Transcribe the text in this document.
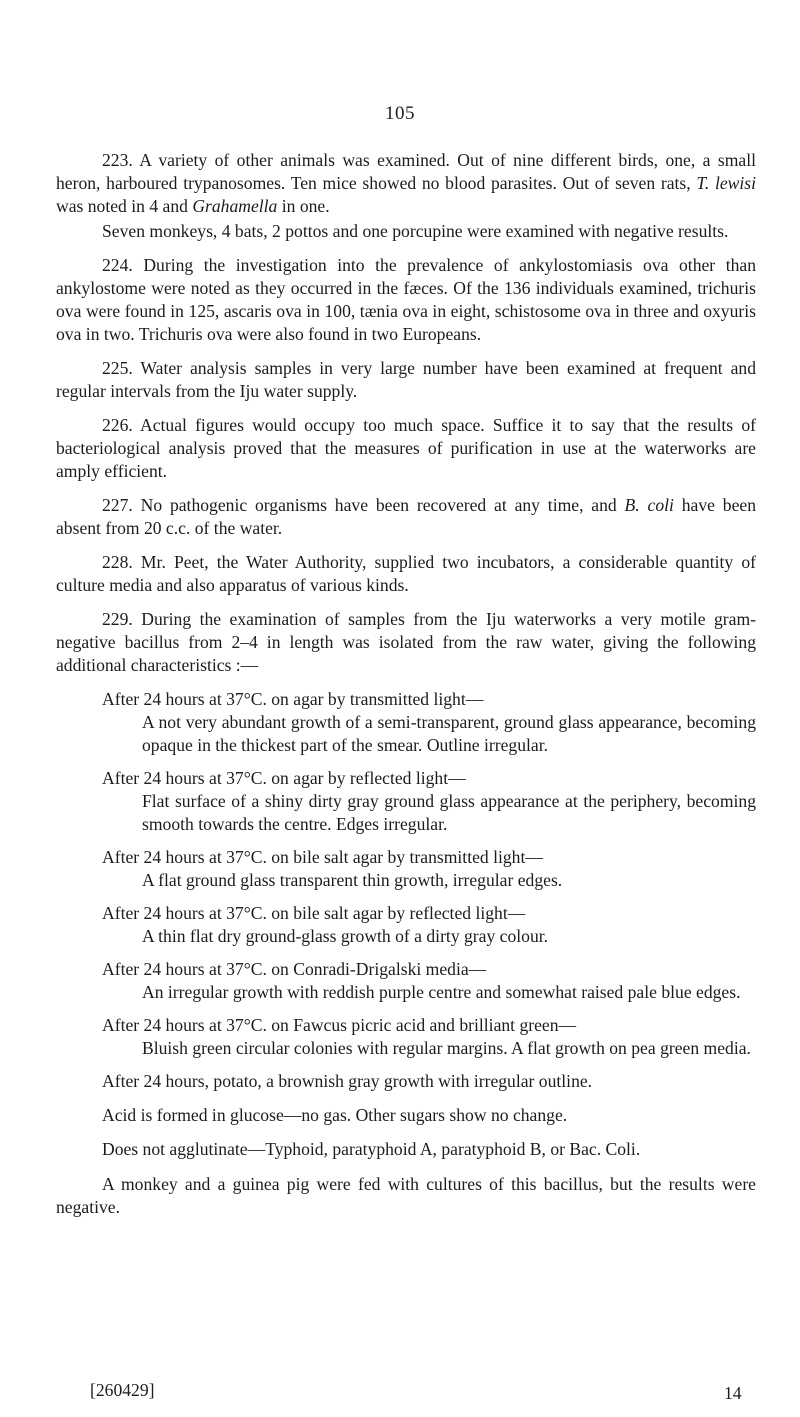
105

223. A variety of other animals was examined. Out of nine different birds, one, a small heron, harboured trypanosomes. Ten mice showed no blood parasites. Out of seven rats, T. lewisi was noted in 4 and Grahamella in one.

Seven monkeys, 4 bats, 2 pottos and one porcupine were examined with negative results.

224. During the investigation into the prevalence of ankylostomiasis ova other than ankylostome were noted as they occurred in the fæces. Of the 136 individuals examined, trichuris ova were found in 125, ascaris ova in 100, tænia ova in eight, schistosome ova in three and oxyuris ova in two. Trichuris ova were also found in two Europeans.

225. Water analysis samples in very large number have been examined at frequent and regular intervals from the Iju water supply.

226. Actual figures would occupy too much space. Suffice it to say that the results of bacteriological analysis proved that the measures of purification in use at the waterworks are amply efficient.

227. No pathogenic organisms have been recovered at any time, and B. coli have been absent from 20 c.c. of the water.

228. Mr. Peet, the Water Authority, supplied two incubators, a considerable quantity of culture media and also apparatus of various kinds.

229. During the examination of samples from the Iju waterworks a very motile gram-negative bacillus from 2–4 in length was isolated from the raw water, giving the following additional characteristics :—

After 24 hours at 37°C. on agar by transmitted light—

A not very abundant growth of a semi-transparent, ground glass appearance, becoming opaque in the thickest part of the smear. Outline irregular.

After 24 hours at 37°C. on agar by reflected light—

Flat surface of a shiny dirty gray ground glass appearance at the periphery, becoming smooth towards the centre. Edges irregular.

After 24 hours at 37°C. on bile salt agar by transmitted light—

A flat ground glass transparent thin growth, irregular edges.

After 24 hours at 37°C. on bile salt agar by reflected light—

A thin flat dry ground-glass growth of a dirty gray colour.

After 24 hours at 37°C. on Conradi-Drigalski media—

An irregular growth with reddish purple centre and somewhat raised pale blue edges.

After 24 hours at 37°C. on Fawcus picric acid and brilliant green—

Bluish green circular colonies with regular margins. A flat growth on pea green media.

After 24 hours, potato, a brownish gray growth with irregular outline.

Acid is formed in glucose—no gas. Other sugars show no change.

Does not agglutinate—Typhoid, paratyphoid A, paratyphoid B, or Bac. Coli.

A monkey and a guinea pig were fed with cultures of this bacillus, but the results were negative.

[260429]	14
